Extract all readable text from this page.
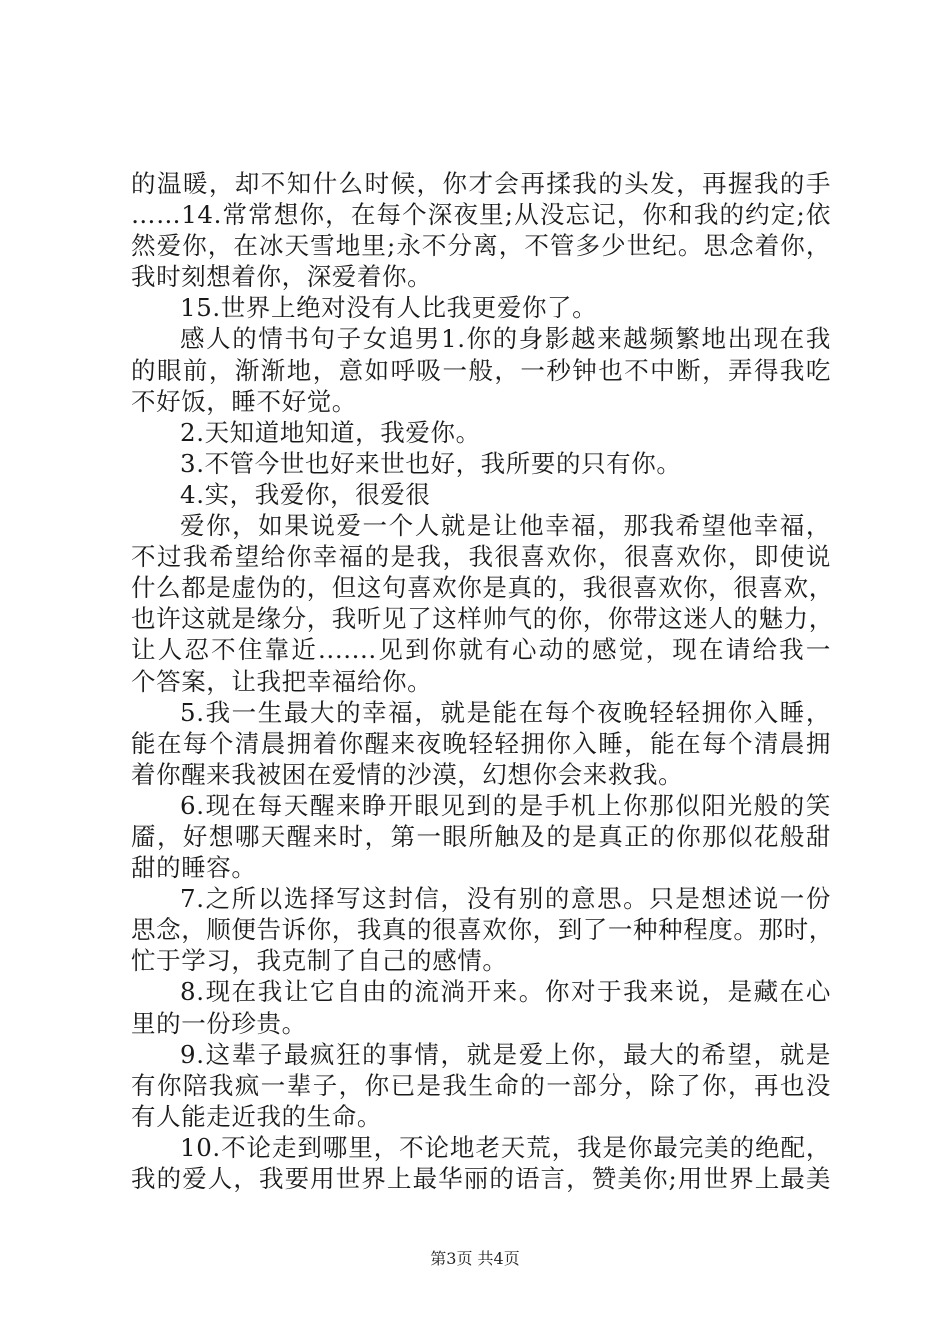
的温暖，却不知什么时候，你才会再揉我的头发，再握我的手
……14.常常想你，在每个深夜里;从没忘记，你和我的约定;依
然爱你，在冰天雪地里;永不分离，不管多少世纪。思念着你，
我时刻想着你，深爱着你。
15.世界上绝对没有人比我更爱你了。
感人的情书句子女追男1.你的身影越来越频繁地出现在我
的眼前，渐渐地，意如呼吸一般，一秒钟也不中断，弄得我吃
不好饭，睡不好觉。
2.天知道地知道，我爱你。
3.不管今世也好来世也好，我所要的只有你。
4.实，我爱你，很爱很
爱你，如果说爱一个人就是让他幸福，那我希望他幸福，
不过我希望给你幸福的是我，我很喜欢你，很喜欢你，即使说
什么都是虚伪的，但这句喜欢你是真的，我很喜欢你，很喜欢，
也许这就是缘分，我听见了这样帅气的你，你带这迷人的魅力，
让人忍不住靠近.......见到你就有心动的感觉，现在请给我一
个答案，让我把幸福给你。
5.我一生最大的幸福，就是能在每个夜晚轻轻拥你入睡，
能在每个清晨拥着你醒来夜晚轻轻拥你入睡，能在每个清晨拥
着你醒来我被困在爱情的沙漠，幻想你会来救我。
6.现在每天醒来睁开眼见到的是手机上你那似阳光般的笑
靥，好想哪天醒来时，第一眼所触及的是真正的你那似花般甜
甜的睡容。
7.之所以选择写这封信，没有别的意思。只是想述说一份
思念，顺便告诉你，我真的很喜欢你，到了一种种程度。那时，
忙于学习，我克制了自己的感情。
8.现在我让它自由的流淌开来。你对于我来说，是藏在心
里的一份珍贵。
9.这辈子最疯狂的事情，就是爱上你，最大的希望，就是
有你陪我疯一辈子，你已是我生命的一部分，除了你，再也没
有人能走近我的生命。
10.不论走到哪里，不论地老天荒，我是你最完美的绝配，
我的爱人，我要用世界上最华丽的语言，赞美你;用世界上最美
第3页 共4页
